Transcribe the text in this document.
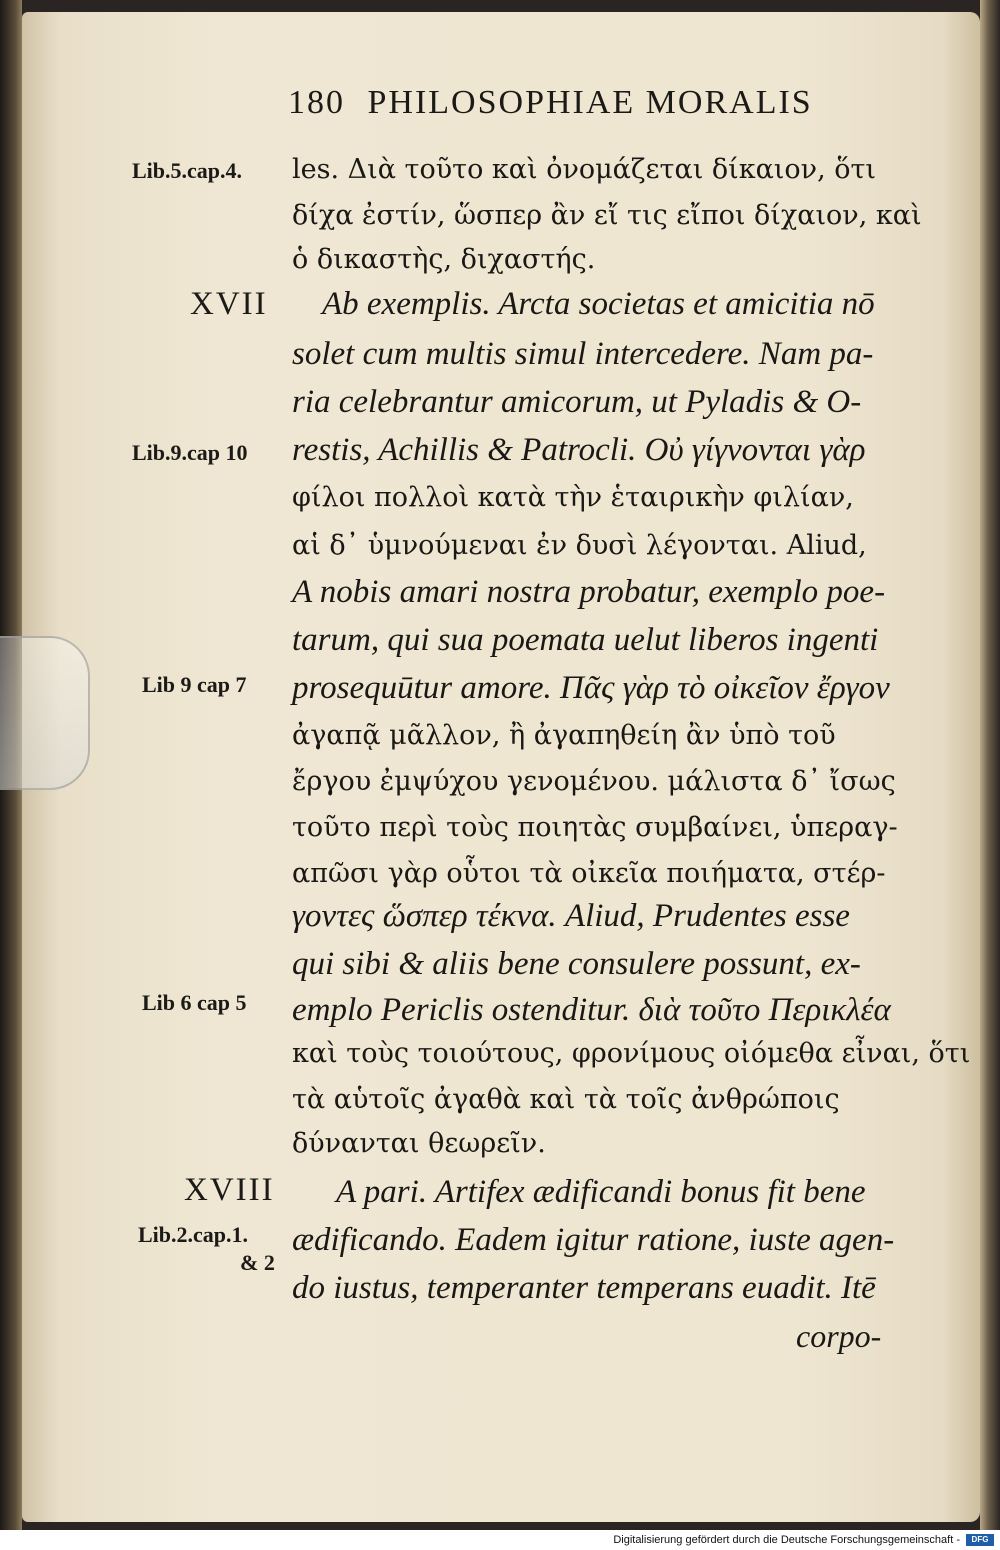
180 PHILOSOPHIAE MORALIS
Lib.5.cap.4.
Lib.9.cap 10
Lib 9 cap 7
Lib 6 cap 5
Lib.2.cap.1.
& 2
XVII
XVIII
les. Διὰ τοῦτο καὶ ὀνομάζεται δίκαιον, ὅτι
δίχα ἐστίν, ὥσπερ ἂν εἴ τις εἴποι δίχαιον, καὶ
ὁ δικαστὴς, διχαστής.
Ab exemplis. Arcta societas et amicitia nō
solet cum multis simul intercedere. Nam pa-
ria celebrantur amicorum, ut Pyladis & O-
restis, Achillis & Patrocli. Οὐ γίγνονται γὰρ
φίλοι πολλοὶ κατὰ τὴν ἑταιρικὴν φιλίαν,
αἱ δ᾽ ὑμνούμεναι ἐν δυσὶ λέγονται. Aliud,
A nobis amari nostra probatur, exemplo poe-
tarum, qui sua poemata uelut liberos ingenti
prosequūtur amore. Πᾶς γὰρ τὸ οἰκεῖον ἔργον
ἀγαπᾷ μᾶλλον, ἢ ἀγαπηθείη ἂν ὑπὸ τοῦ
ἔργου ἐμψύχου γενομένου. μάλιστα δ᾽ ἴσως
τοῦτο περὶ τοὺς ποιητὰς συμβαίνει, ὑπεραγ-
απῶσι γὰρ οὗτοι τὰ οἰκεῖα ποιήματα, στέρ-
γοντες ὥσπερ τέκνα. Aliud, Prudentes esse
qui sibi & aliis bene consulere possunt, ex-
emplo Periclis ostenditur. διὰ τοῦτο Περικλέα
καὶ τοὺς τοιούτους, φρονίμους οἰόμεθα εἶναι, ὅτι
τὰ αὑτοῖς ἀγαθὰ καὶ τὰ τοῖς ἀνθρώποις
δύνανται θεωρεῖν.
A pari. Artifex ædificandi bonus fit bene
ædificando. Eadem igitur ratione, iuste agen-
do iustus, temperanter temperans euadit. Itē
corpo-
Digitalisierung gefördert durch die Deutsche Forschungsgemeinschaft -	DFG
